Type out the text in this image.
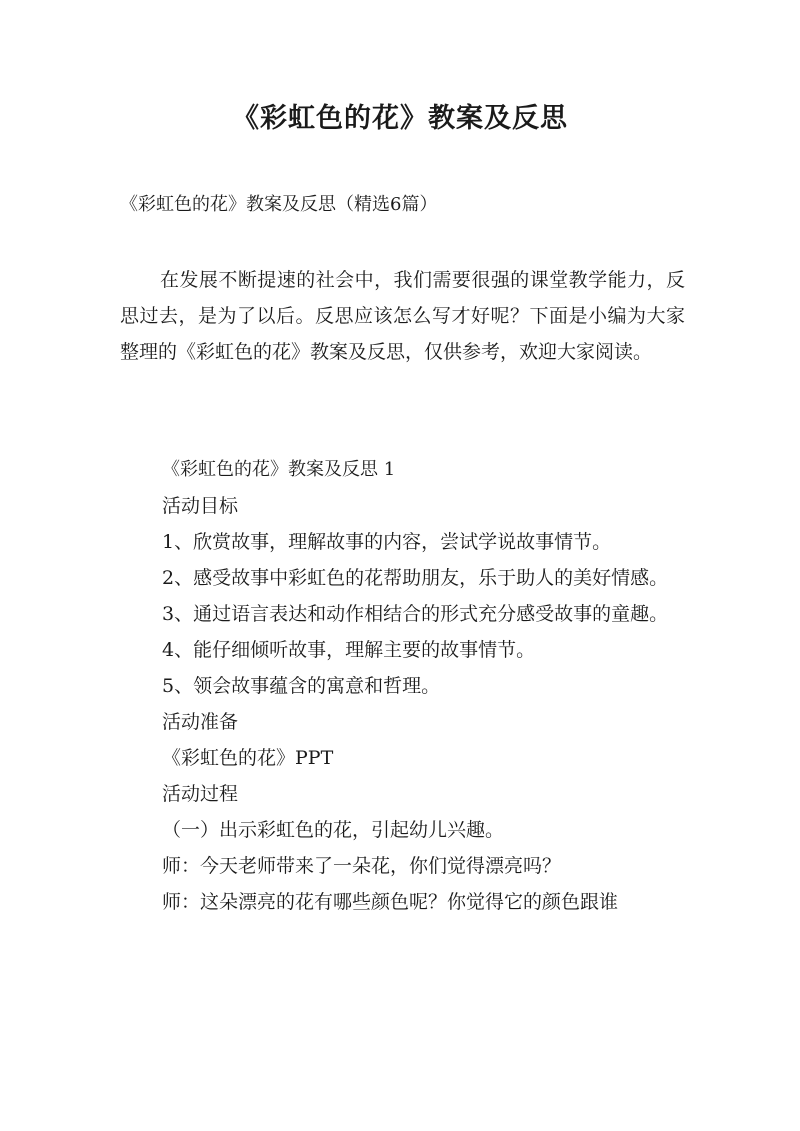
《彩虹色的花》教案及反思

《彩虹色的花》教案及反思（精选6篇）

在发展不断提速的社会中，我们需要很强的课堂教学能力，反思过去，是为了以后。反思应该怎么写才好呢？下面是小编为大家整理的《彩虹色的花》教案及反思，仅供参考，欢迎大家阅读。

《彩虹色的花》教案及反思 1

活动目标

1、欣赏故事，理解故事的内容，尝试学说故事情节。

2、感受故事中彩虹色的花帮助朋友，乐于助人的美好情感。

3、通过语言表达和动作相结合的形式充分感受故事的童趣。

4、能仔细倾听故事，理解主要的故事情节。

5、领会故事蕴含的寓意和哲理。

活动准备

《彩虹色的花》PPT

活动过程

（一）出示彩虹色的花，引起幼儿兴趣。

师：今天老师带来了一朵花，你们觉得漂亮吗？

师：这朵漂亮的花有哪些颜色呢？你觉得它的颜色跟谁
